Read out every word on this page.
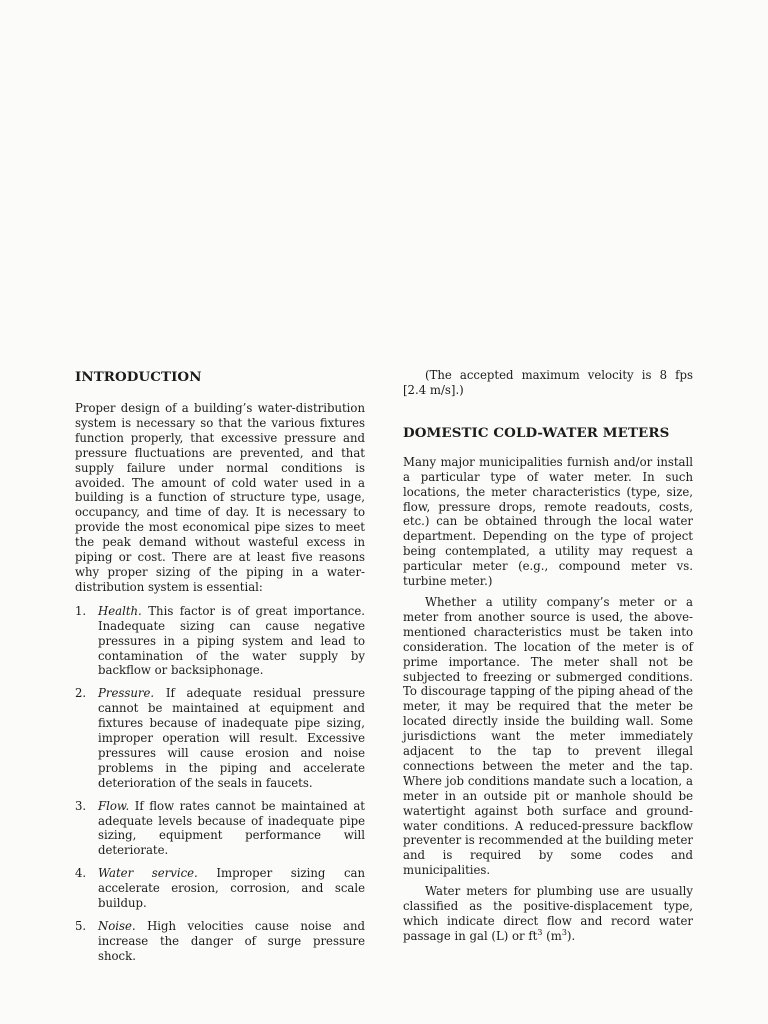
INTRODUCTION

Proper design of a building’s water-distribution system is necessary so that the various fixtures function properly, that excessive pressure and pressure fluctuations are prevented, and that supply failure under normal conditions is avoided. The amount of cold water used in a building is a function of structure type, usage, occupancy, and time of day. It is necessary to provide the most economical pipe sizes to meet the peak demand without wasteful excess in piping or cost. There are at least five reasons why proper sizing of the piping in a water-distribution system is essential:

1. Health. This factor is of great importance. Inadequate sizing can cause negative pressures in a piping system and lead to contamination of the water supply by backflow or backsiphonage.

2. Pressure. If adequate residual pressure cannot be maintained at equipment and fixtures because of inadequate pipe sizing, improper operation will result. Excessive pressures will cause erosion and noise problems in the piping and accelerate deterioration of the seals in faucets.

3. Flow. If flow rates cannot be maintained at adequate levels because of inadequate pipe sizing, equipment performance will deteriorate.

4. Water service. Improper sizing can accelerate erosion, corrosion, and scale buildup.

5. Noise. High velocities cause noise and increase the danger of surge pressure shock.

(The accepted maximum velocity is 8 fps [2.4 m/s].)

DOMESTIC COLD-WATER METERS

Many major municipalities furnish and/or install a particular type of water meter. In such locations, the meter characteristics (type, size, flow, pressure drops, remote readouts, costs, etc.) can be obtained through the local water department. Depending on the type of project being contemplated, a utility may request a particular meter (e.g., compound meter vs. turbine meter.)

Whether a utility company’s meter or a meter from another source is used, the above-mentioned characteristics must be taken into consideration. The location of the meter is of prime importance. The meter shall not be subjected to freezing or submerged conditions. To discourage tapping of the piping ahead of the meter, it may be required that the meter be located directly inside the building wall. Some jurisdictions want the meter immediately adjacent to the tap to prevent illegal connections between the meter and the tap. Where job conditions mandate such a location, a meter in an outside pit or manhole should be watertight against both surface and ground-water conditions. A reduced-pressure backflow preventer is recommended at the building meter and is required by some codes and municipalities.

Water meters for plumbing use are usually classified as the positive-displacement type, which indicate direct flow and record water passage in gal (L) or $ft^3$ $(m^3)$.
